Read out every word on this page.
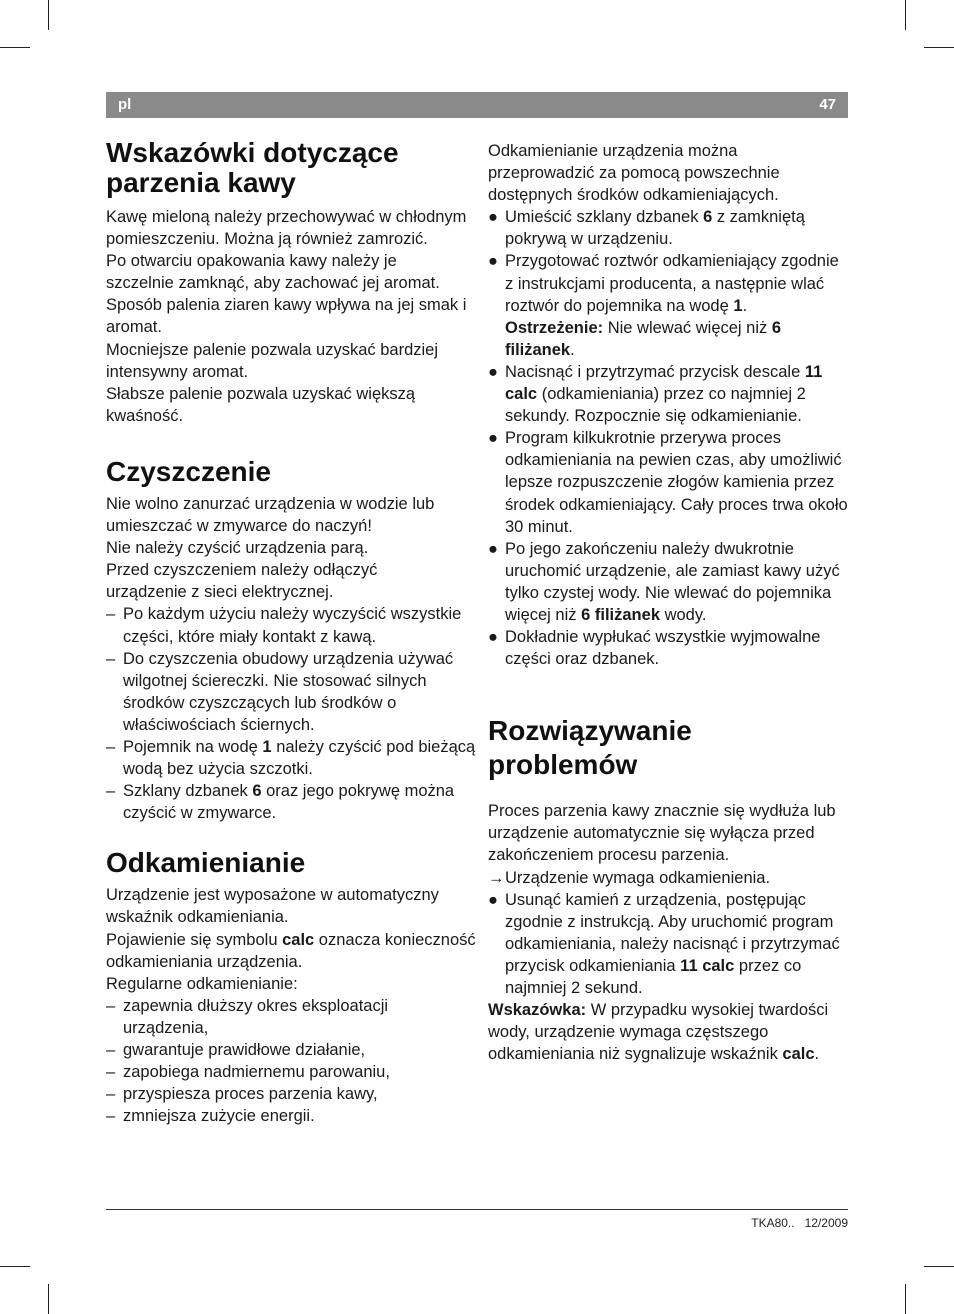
pl	47
Wskazówki dotyczące parzenia kawy

Kawę mieloną należy przechowywać w chłodnym pomieszczeniu. Można ją również zamrozić.

Po otwarciu opakowania kawy należy je szczelnie zamknąć, aby zachować jej aromat.

Sposób palenia ziaren kawy wpływa na jej smak i aromat.

Mocniejsze palenie pozwala uzyskać bardziej intensywny aromat.

Słabsze palenie pozwala uzyskać większą kwaśność.

Czyszczenie

Nie wolno zanurzać urządzenia w wodzie lub umieszczać w zmywarce do naczyń!

Nie należy czyścić urządzenia parą.

Przed czyszczeniem należy odłączyć urządzenie z sieci elektrycznej.

– Po każdym użyciu należy wyczyścić wszystkie części, które miały kontakt z kawą.
– Do czyszczenia obudowy urządzenia używać wilgotnej ściereczki. Nie stosować silnych środków czyszczących lub środków o właściwościach ściernych.
– Pojemnik na wodę 1 należy czyścić pod bieżącą wodą bez użycia szczotki.
– Szklany dzbanek 6 oraz jego pokrywę można czyścić w zmywarce.
Odkamienianie

Urządzenie jest wyposażone w automatyczny wskaźnik odkamieniania.

Pojawienie się symbolu calc oznacza konieczność odkamieniania urządzenia.

Regularne odkamienianie:

– zapewnia dłuższy okres eksploatacji urządzenia,
– gwarantuje prawidłowe działanie,
– zapobiega nadmiernemu parowaniu,
– przyspiesza proces parzenia kawy,
– zmniejsza zużycie energii.

Odkamienianie urządzenia można przeprowadzić za pomocą powszechnie dostępnych środków odkamieniających.

● Umieścić szklany dzbanek 6 z zamkniętą pokrywą w urządzeniu.
● Przygotować roztwór odkamieniający zgodnie z instrukcjami producenta, a następnie wlać roztwór do pojemnika na wodę 1.
Ostrzeżenie: Nie wlewać więcej niż 6 filiżanek.
● Nacisnąć i przytrzymać przycisk descale 11 calc (odkamieniania) przez co najmniej 2 sekundy. Rozpocznie się odkamienianie.
● Program kilkukrotnie przerywa proces odkamieniania na pewien czas, aby umożliwić lepsze rozpuszczenie złogów kamienia przez środek odkamieniający. Cały proces trwa około 30 minut.
● Po jego zakończeniu należy dwukrotnie uruchomić urządzenie, ale zamiast kawy użyć tylko czystej wody. Nie wlewać do pojemnika więcej niż 6 filiżanek wody.
● Dokładnie wypłukać wszystkie wyjmowalne części oraz dzbanek.
Rozwiązywanie problemów

Proces parzenia kawy znacznie się wydłuża lub urządzenie automatycznie się wyłącza przed zakończeniem procesu parzenia.

→ Urządzenie wymaga odkamienienia.
● Usunąć kamień z urządzenia, postępując zgodnie z instrukcją. Aby uruchomić program odkamieniania, należy nacisnąć i przytrzymać przycisk odkamieniania 11 calc przez co najmniej 2 sekund.

Wskazówka: W przypadku wysokiej twardości wody, urządzenie wymaga częstszego odkamieniania niż sygnalizuje wskaźnik calc.

TKA80.. 12/2009
